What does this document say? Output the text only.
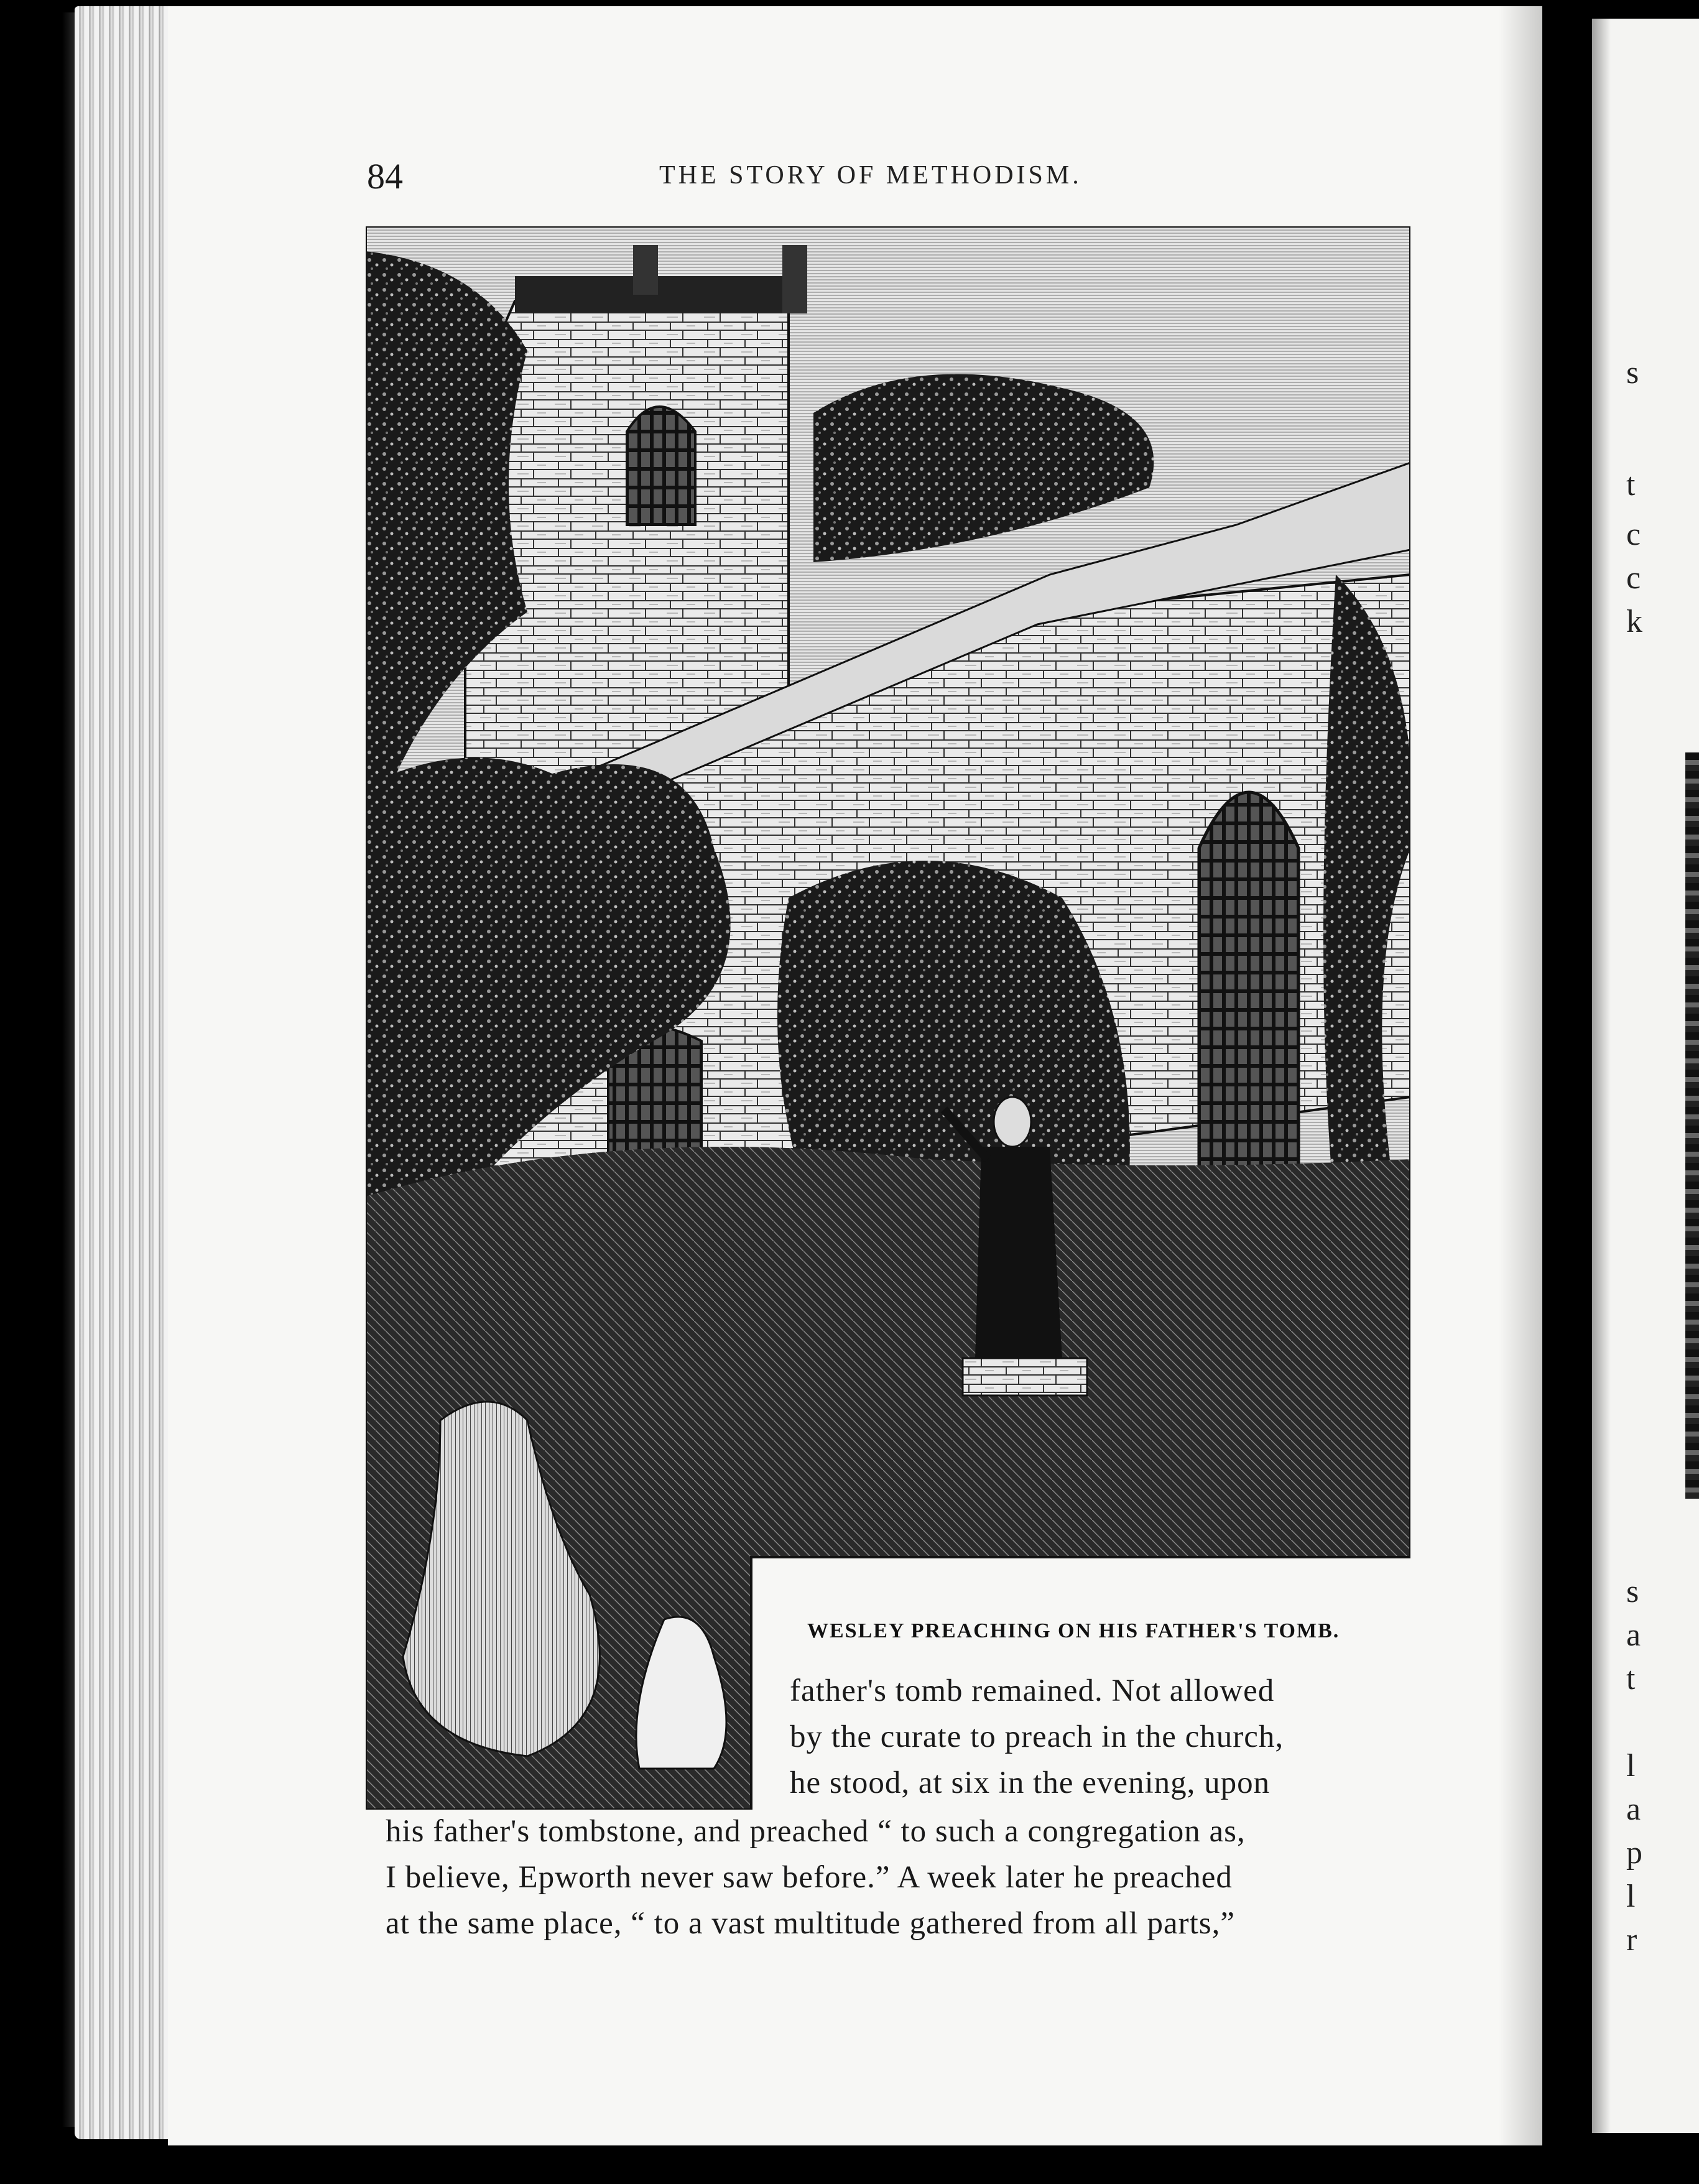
s
t
c
c
k
s
a
t
l
a
p
l
r
84	THE STORY OF METHODISM.
WESLEY PREACHING ON HIS FATHER'S TOMB.
father's tomb remained. Not allowed
by the curate to preach in the church,
he stood, at six in the evening, upon
his father's tombstone, and preached “ to such a congregation as,
I believe, Epworth never saw before.” A week later he preached
at the same place, “ to a vast multitude gathered from all parts,”
